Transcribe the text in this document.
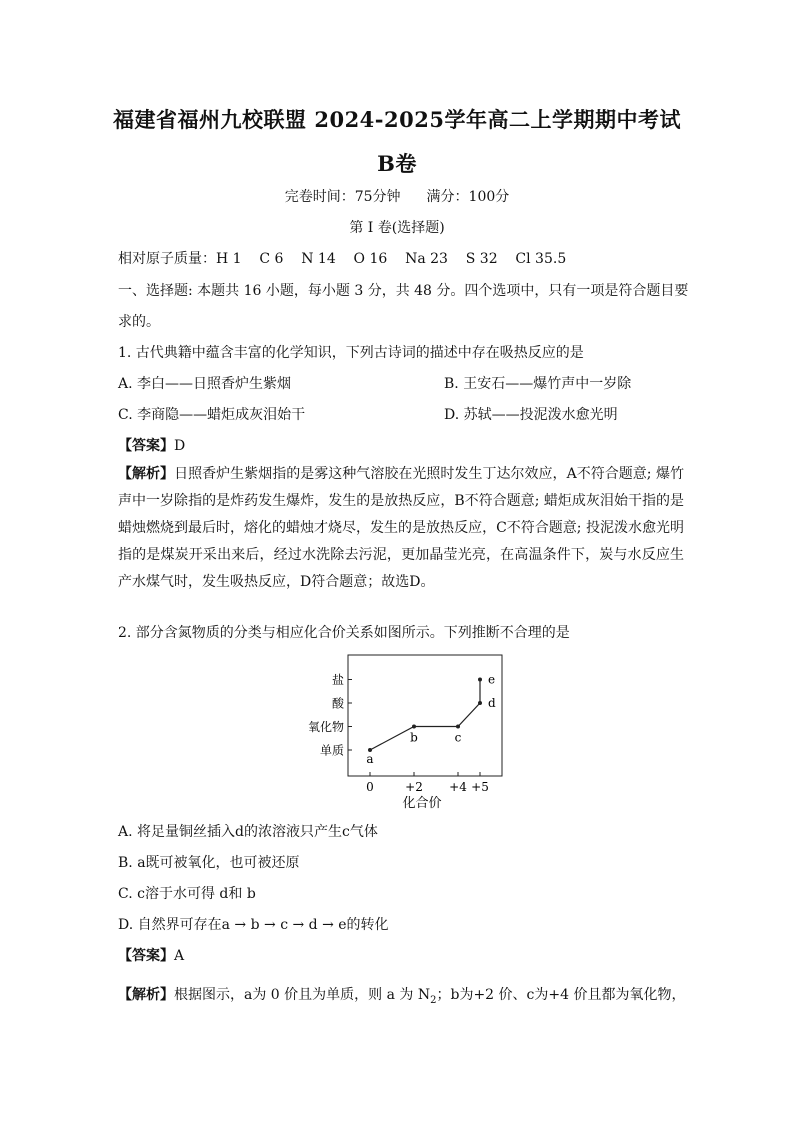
福建省福州九校联盟 2024-2025学年高二上学期期中考试
B卷
完卷时间：75分钟 满分：100分
第 I 卷(选择题)
相对原子质量：H 1    C 6    N 14    O 16    Na 23    S 32    Cl 35.5
一、选择题: 本题共 16 小题，每小题 3 分，共 48 分。四个选项中，只有一项是符合题目要
求的。
1. 古代典籍中蕴含丰富的化学知识，下列古诗词的描述中存在吸热反应的是
A. 李白——日照香炉生紫烟	B. 王安石——爆竹声中一岁除
C. 李商隐——蜡炬成灰泪始干	D. 苏轼——投泥泼水愈光明
【答案】D
【解析】日照香炉生紫烟指的是雾这种气溶胶在光照时发生丁达尔效应，A不符合题意; 爆竹声中一岁除指的是炸药发生爆炸，发生的是放热反应，B不符合题意; 蜡炬成灰泪始干指的是蜡烛燃烧到最后时，熔化的蜡烛才烧尽，发生的是放热反应，C不符合题意; 投泥泼水愈光明指的是煤炭开采出来后，经过水洗除去污泥，更加晶莹光亮，在高温条件下，炭与水反应生产水煤气时，发生吸热反应，D符合题意；故选D。
2. 部分含氮物质的分类与相应化合价关系如图所示。下列推断不合理的是
单质
氧化物
酸
盐
0	+2 +4 +5
a
b	c
d
e
化合价
A. 将足量铜丝插入d的浓溶液只产生c气体
B. a既可被氧化，也可被还原
C. c溶于水可得 d和 b
D. 自然界可存在a → b → c → d → e的转化
【答案】A
【解析】根据图示，a为 0 价且为单质，则 a 为 $N_2$；b为+2 价、c为+4 价且都为氧化物，
